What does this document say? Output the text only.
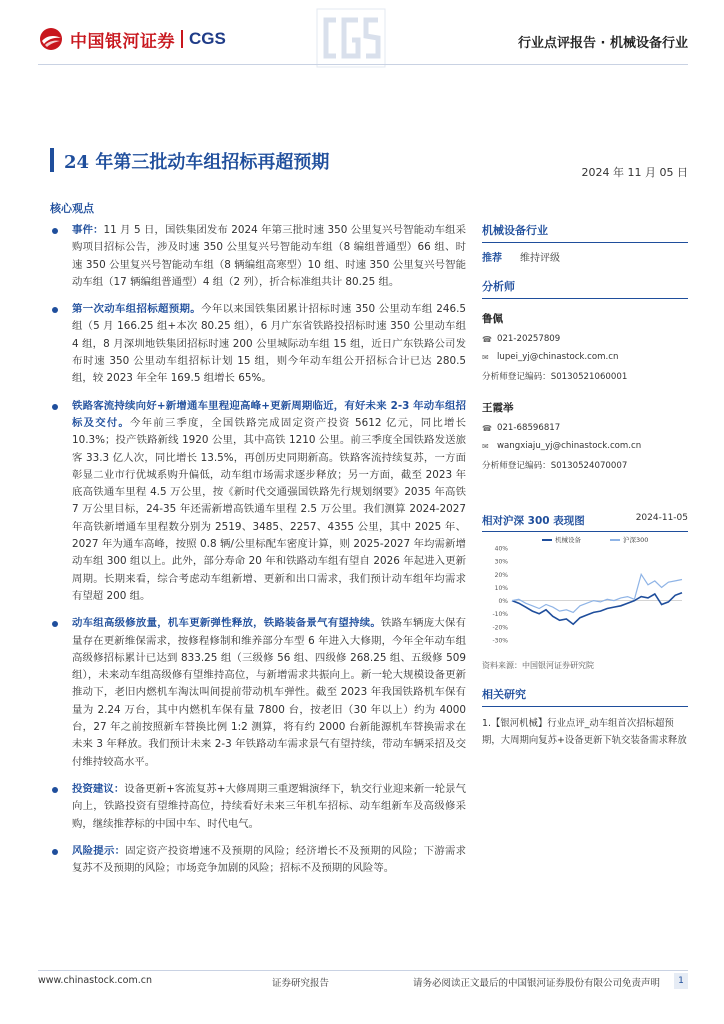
中国银河证券 CGS	行业点评报告 · 机械设备行业
24 年第三批动车组招标再超预期	2024 年 11 月 05 日
核心观点
事件：11 月 5 日，国铁集团发布 2024 年第三批时速 350 公里复兴号智能动车组采购项目招标公告，涉及时速 350 公里复兴号智能动车组（8 编组普通型）66 组、时速 350 公里复兴号智能动车组（8 辆编组高寒型）10 组、时速 350 公里复兴号智能动车组（17 辆编组普通型）4 组（2 列），折合标准组共计 80.25 组。
第一次动车组招标超预期。今年以来国铁集团累计招标时速 350 公里动车组 246.5 组（5 月 166.25 组+本次 80.25 组），6 月广东省铁路投招标时速 350 公里动车组 4 组，8 月深圳地铁集团招标时速 200 公里城际动车组 15 组，近日广东铁路公司发布时速 350 公里动车组招标计划 15 组，则今年动车组公开招标合计已达 280.5 组，较 2023 年全年 169.5 组增长 65%。
铁路客流持续向好+新增通车里程迎高峰+更新周期临近，有好未来 2-3 年动车组招标及交付。今年前三季度，全国铁路完成固定资产投资 5612 亿元，同比增长 10.3%；投产铁路新线 1920 公里，其中高铁 1210 公里。前三季度全国铁路发送旅客 33.3 亿人次，同比增长 13.5%，再创历史同期新高。铁路客流持续复苏，一方面彰显二业市行优城系购升偏低，动车组市场需求逐步释放；另一方面，截至 2023 年底高铁通车里程 4.5 万公里，按《新时代交通强国铁路先行规划纲要》2035 年高铁 7 万公里目标，24-35 年还需新增高铁通车里程 2.5 万公里。我们测算 2024-2027 年高铁新增通车里程数分别为 2519、3485、2257、4355 公里，其中 2025 年、2027 年为通车高峰，按照 0.8 辆/公里标配车密度计算，则 2025-2027 年均需新增动车组 300 组以上。此外，部分寿命 20 年和铁路动车组有望自 2026 年起进入更新周期。长期来看，综合考虑动车组新增、更新和出口需求，我们预计动车组年均需求有望超 200 组。
动车组高级修放量，机车更新弹性释放，铁路装备景气有望持续。铁路车辆庞大保有量存在更新维保需求，按修程修制和维养部分车型 6 年进入大修期，今年全年动车组高级修招标累计已达到 833.25 组（三级修 56 组、四级修 268.25 组、五级修 509 组），未来动车组高级修有望维持高位，与新增需求共振向上。新一轮大规模设备更新推动下，老旧内燃机车淘汰叫间提前带动机车弹性。截至 2023 年我国铁路机车保有量为 2.24 万台，其中内燃机车保有量 7800 台，按老旧（30 年以上）约为 4000 台，27 年之前按照新车替换比例 1:2 测算，将有约 2000 台新能源机车替换需求在未来 3 年释放。我们预计未来 2-3 年铁路动车需求景气有望持续，带动车辆采招及交付维持较高水平。
投资建议：设备更新+客流复苏+大修周期三重逻辑演绎下，轨交行业迎来新一轮景气向上，铁路投资有望维持高位，持续看好未来三年机车招标、动车组新车及高级修采购，继续推荐标的中国中车、时代电气。
风险提示：固定资产投资增速不及预期的风险；经济增长不及预期的风险；下游需求复苏不及预期的风险；市场竞争加剧的风险；招标不及预期的风险等。
机械设备行业
推荐 维持评级
分析师
鲁佩
☎ 021-20257809
✉ lupei_yj@chinastock.com.cn
分析师登记编码：S0130521060001
王霞举
☎ 021-68596817
✉ wangxiaju_yj@chinastock.com.cn
分析师登记编码：S0130524070007
相对沪深 300 表现图	2024-11-05
40%
30%
20%
10%
0%
-10%
-20%
-30%
机械设备	沪深300
资料来源：中国银河证券研究院
相关研究
1.【银河机械】行业点评_动车组首次招标超预期，大周期向复苏+设备更新下轨交装备需求释放
www.chinastock.com.cn	证券研究报告	请务必阅读正文最后的中国银河证券股份有限公司免责声明	1
